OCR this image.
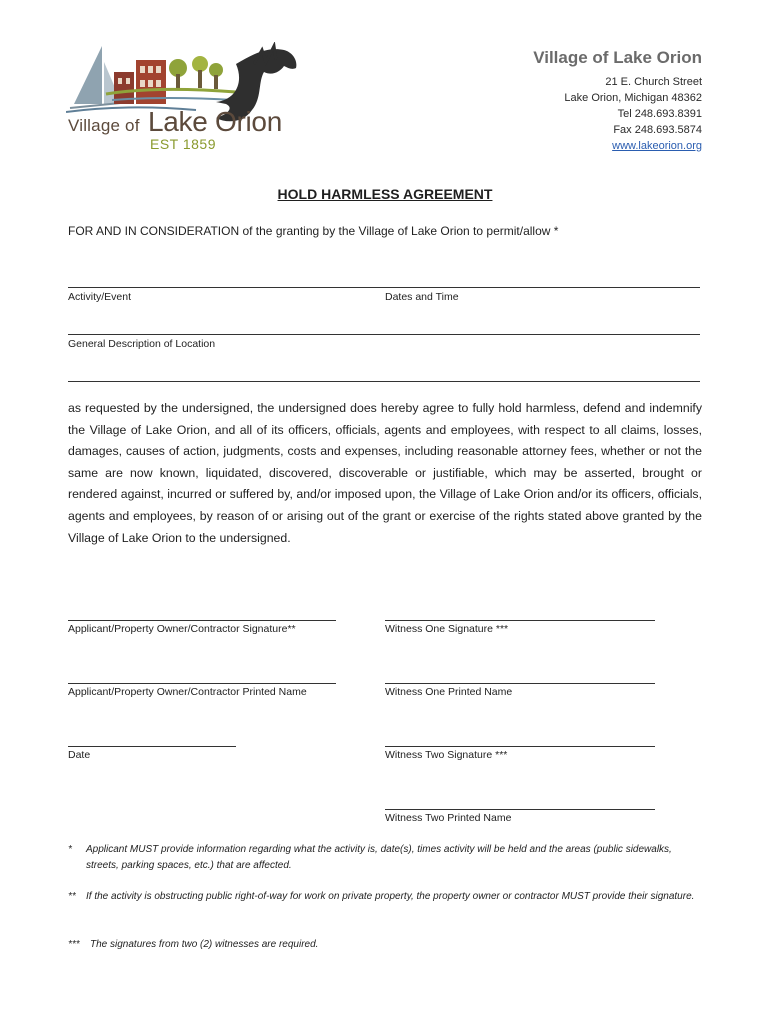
Village of Lake Orion
EST 1859
Village of Lake Orion
21 E. Church Street
Lake Orion, Michigan 48362
Tel 248.693.8391
Fax 248.693.5874
www.lakeorion.org
HOLD HARMLESS AGREEMENT
FOR AND IN CONSIDERATION of the granting by the Village of Lake Orion to permit/allow *
Activity/Event	Dates and Time
General Description of Location
as requested by the undersigned, the undersigned does hereby agree to fully hold harmless, defend and indemnify the Village of Lake Orion, and all of its officers, officials, agents and employees, with respect to all claims, losses, damages, causes of action, judgments, costs and expenses, including reasonable attorney fees, whether or not the same are now known, liquidated, discovered, discoverable or justifiable, which may be asserted, brought or rendered against, incurred or suffered by, and/or imposed upon, the Village of Lake Orion and/or its officers, officials, agents and employees, by reason of or arising out of the grant or exercise of the rights stated above granted by the Village of Lake Orion to the undersigned.
Applicant/Property Owner/Contractor Signature**	Witness One Signature ***
Applicant/Property Owner/Contractor Printed Name	Witness One Printed Name
Date	Witness Two Signature ***
Witness Two Printed Name
*	Applicant MUST provide information regarding what the activity is, date(s), times activity will be held and the areas (public sidewalks, streets, parking spaces, etc.) that are affected.
**	If the activity is obstructing public right-of-way for work on private property, the property owner or contractor MUST provide their signature.
***	The signatures from two (2) witnesses are required.
